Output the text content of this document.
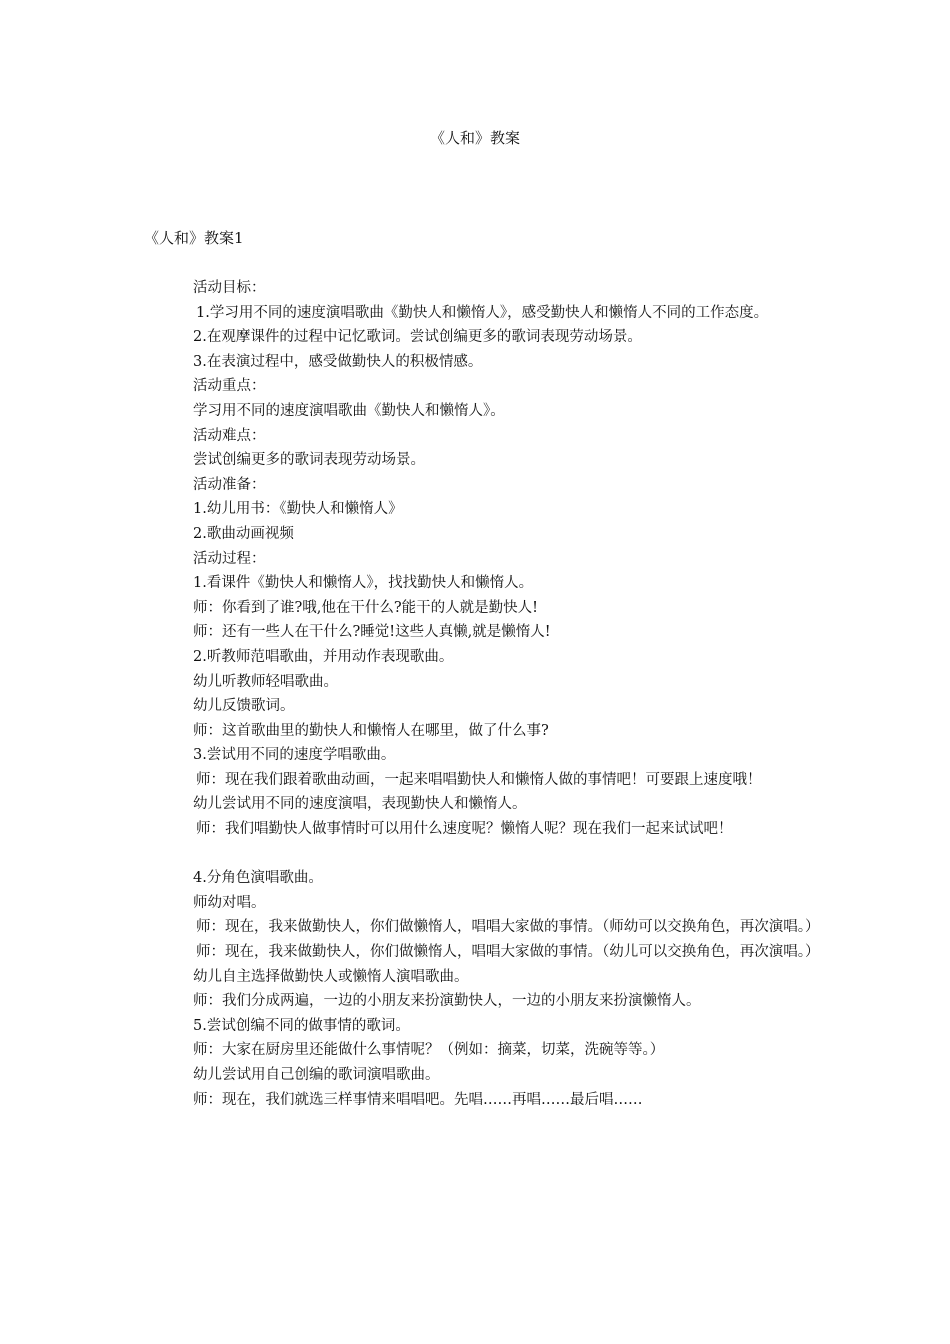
《人和》教案
《人和》教案1

活动目标：

1.学习用不同的速度演唱歌曲《勤快人和懒惰人》，感受勤快人和懒惰人不同的工作态度。

2.在观摩课件的过程中记忆歌词。尝试创编更多的歌词表现劳动场景。

3.在表演过程中，感受做勤快人的积极情感。

活动重点：

学习用不同的速度演唱歌曲《勤快人和懒惰人》。

活动难点：

尝试创编更多的歌词表现劳动场景。

活动准备：

1.幼儿用书：《勤快人和懒惰人》

2.歌曲动画视频

活动过程：

1.看课件《勤快人和懒惰人》，找找勤快人和懒惰人。

师：你看到了谁?哦,他在干什么?能干的人就是勤快人!

师：还有一些人在干什么?睡觉!这些人真懒,就是懒惰人!

2.听教师范唱歌曲，并用动作表现歌曲。

幼儿听教师轻唱歌曲。

幼儿反馈歌词。

师：这首歌曲里的勤快人和懒惰人在哪里，做了什么事?

3.尝试用不同的速度学唱歌曲。

师：现在我们跟着歌曲动画，一起来唱唱勤快人和懒惰人做的事情吧！可要跟上速度哦！

幼儿尝试用不同的速度演唱，表现勤快人和懒惰人。

师：我们唱勤快人做事情时可以用什么速度呢？懒惰人呢？现在我们一起来试试吧！

4.分角色演唱歌曲。

师幼对唱。

师：现在，我来做勤快人，你们做懒惰人，唱唱大家做的事情。（师幼可以交换角色，再次演唱。）

师：现在，我来做勤快人，你们做懒惰人，唱唱大家做的事情。（幼儿可以交换角色，再次演唱。）

幼儿自主选择做勤快人或懒惰人演唱歌曲。

师：我们分成两遍，一边的小朋友来扮演勤快人，一边的小朋友来扮演懒惰人。

5.尝试创编不同的做事情的歌词。

师：大家在厨房里还能做什么事情呢？（例如：摘菜，切菜，洗碗等等。）

幼儿尝试用自己创编的歌词演唱歌曲。

师：现在，我们就选三样事情来唱唱吧。先唱……再唱……最后唱……
